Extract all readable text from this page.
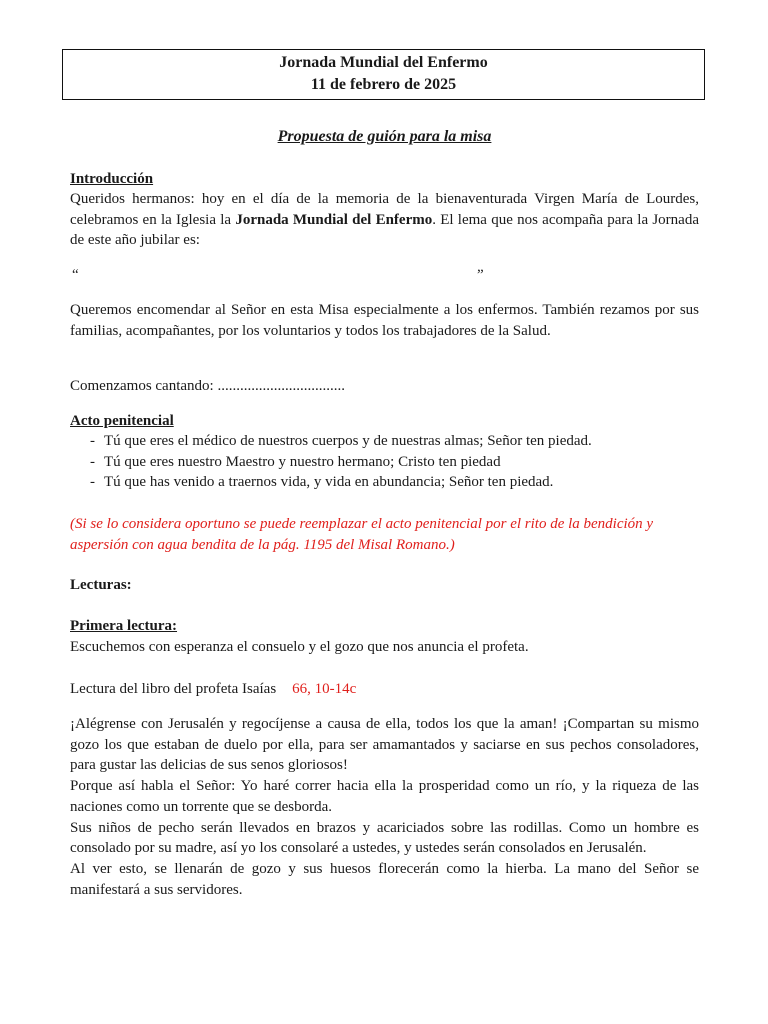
Jornada Mundial del Enfermo
11 de febrero de 2025
Propuesta de guión para la misa
Introducción
Queridos hermanos: hoy en el día de la memoria de la bienaventurada Virgen María de Lourdes, celebramos en la Iglesia la Jornada Mundial del Enfermo. El lema que nos acompaña para la Jornada de este año jubilar es:
“	”
Queremos encomendar al Señor en esta Misa especialmente a los enfermos. También rezamos por sus familias, acompañantes, por los voluntarios y todos los trabajadores de la Salud.
Comenzamos cantando: ..................................
Acto penitencial
- Tú que eres el médico de nuestros cuerpos y de nuestras almas; Señor ten piedad.
- Tú que eres nuestro Maestro y nuestro hermano; Cristo ten piedad
- Tú que has venido a traernos vida, y vida en abundancia; Señor ten piedad.
(Si se lo considera oportuno se puede reemplazar el acto penitencial por el rito de la bendición y aspersión con agua bendita de la pág. 1195 del Misal Romano.)
Lecturas:
Primera lectura:
Escuchemos con esperanza el consuelo y el gozo que nos anuncia el profeta.
Lectura del libro del profeta Isaías 66, 10-14c
¡Alégrense con Jerusalén y regocíjense a causa de ella, todos los que la aman! ¡Compartan su mismo gozo los que estaban de duelo por ella, para ser amamantados y saciarse en sus pechos consoladores, para gustar las delicias de sus senos gloriosos!
Porque así habla el Señor: Yo haré correr hacia ella la prosperidad como un río, y la riqueza de las naciones como un torrente que se desborda.
Sus niños de pecho serán llevados en brazos y acariciados sobre las rodillas. Como un hombre es consolado por su madre, así yo los consolaré a ustedes, y ustedes serán consolados en Jerusalén.
Al ver esto, se llenarán de gozo y sus huesos florecerán como la hierba. La mano del Señor se manifestará a sus servidores.
